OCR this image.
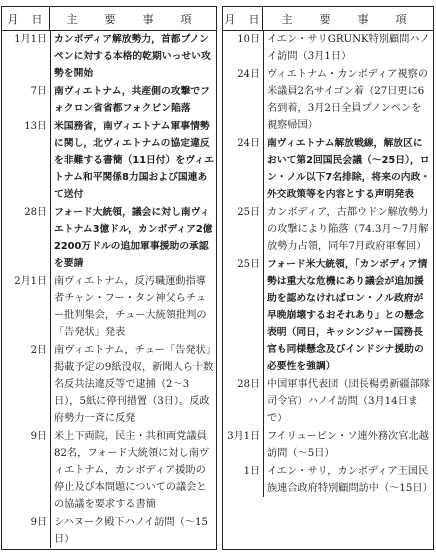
月　日	主　要　事　項
1月1日 カンボディア解放勢力，首都プノンペンに対する本格的乾期いっせい攻勢を開始
7日 南ヴィエトナム，共産側の攻撃でフォクロン省省都フォクビン陥落
13日 米国務省，南ヴィエトナム軍事情勢に関し，北ヴィエトナムの協定違反を非難する書簡（11日付）をヴィエトナム和平関係8力国および国連あて送付
28日 フォード大統領，議会に対し南ヴィエトナム3億ドル，カンボディア2億2200万ドルの追加軍事援助の承認を要請
2月1日 南ヴィエトナム，反汚職運動指導者チャン・フー・タン神父らチュー批判集会，チュー大統領批判の「告発状」発表
2日 南ヴィエトナム，チュー「告発状」掲載予定の9紙没収，新聞人ら十数名反共法違反等で逮捕（2～3日），5紙に停刊措置（3日）。反政府勢力一斉に反発
9日 米上下両院，民主・共和両党議員82名，フォード大統領に対し南ヴィエトナム，カンボディア援助の停止及び本問題についての議会との協議を要求する書簡
9日 シハヌーク殿下ハノイ訪問（～15日）
月　日	主　要　事　項
10日 イエン・サリGRUNK特別顧問ハノイ訪問（3月1日）
24日 ヴィエトナム・カンボディア視察の米議員2名サイゴン着（27日更に6名到着，3月2日全員プノンペンを視察帰国）
24日 南ヴィエトナム解放戦線，解放区において第2回国民会議（～25日），ロン・ノル以下7名排除，将来の内政・外交政策等を内容とする声明発表
25日 カンボディア，古都ウドン解放勢力の攻撃により陥落（74.3月～7月解放勢力占領，同年7月政府軍奪回）
25日 フォード米大統領，「カンボディア情勢は重大な危機にあり議会が追加援助を認めなければロン・ノル政府が早晩崩壊するおそれあり」との懸念表明（同日，キッシンジャー国務長官も同様懸念及びインドシナ援助の必要性を強調）
28日 中国軍事代表団（団長楊勇新疆部隊司令官）ハノイ訪問（3月14日まで）
3月1日 フイリューピン・ソ連外務次官北越訪問（～5日）
1日 イエン・サリ，カンボディア王国民族連合政府特別顧問訪中（～15日）
